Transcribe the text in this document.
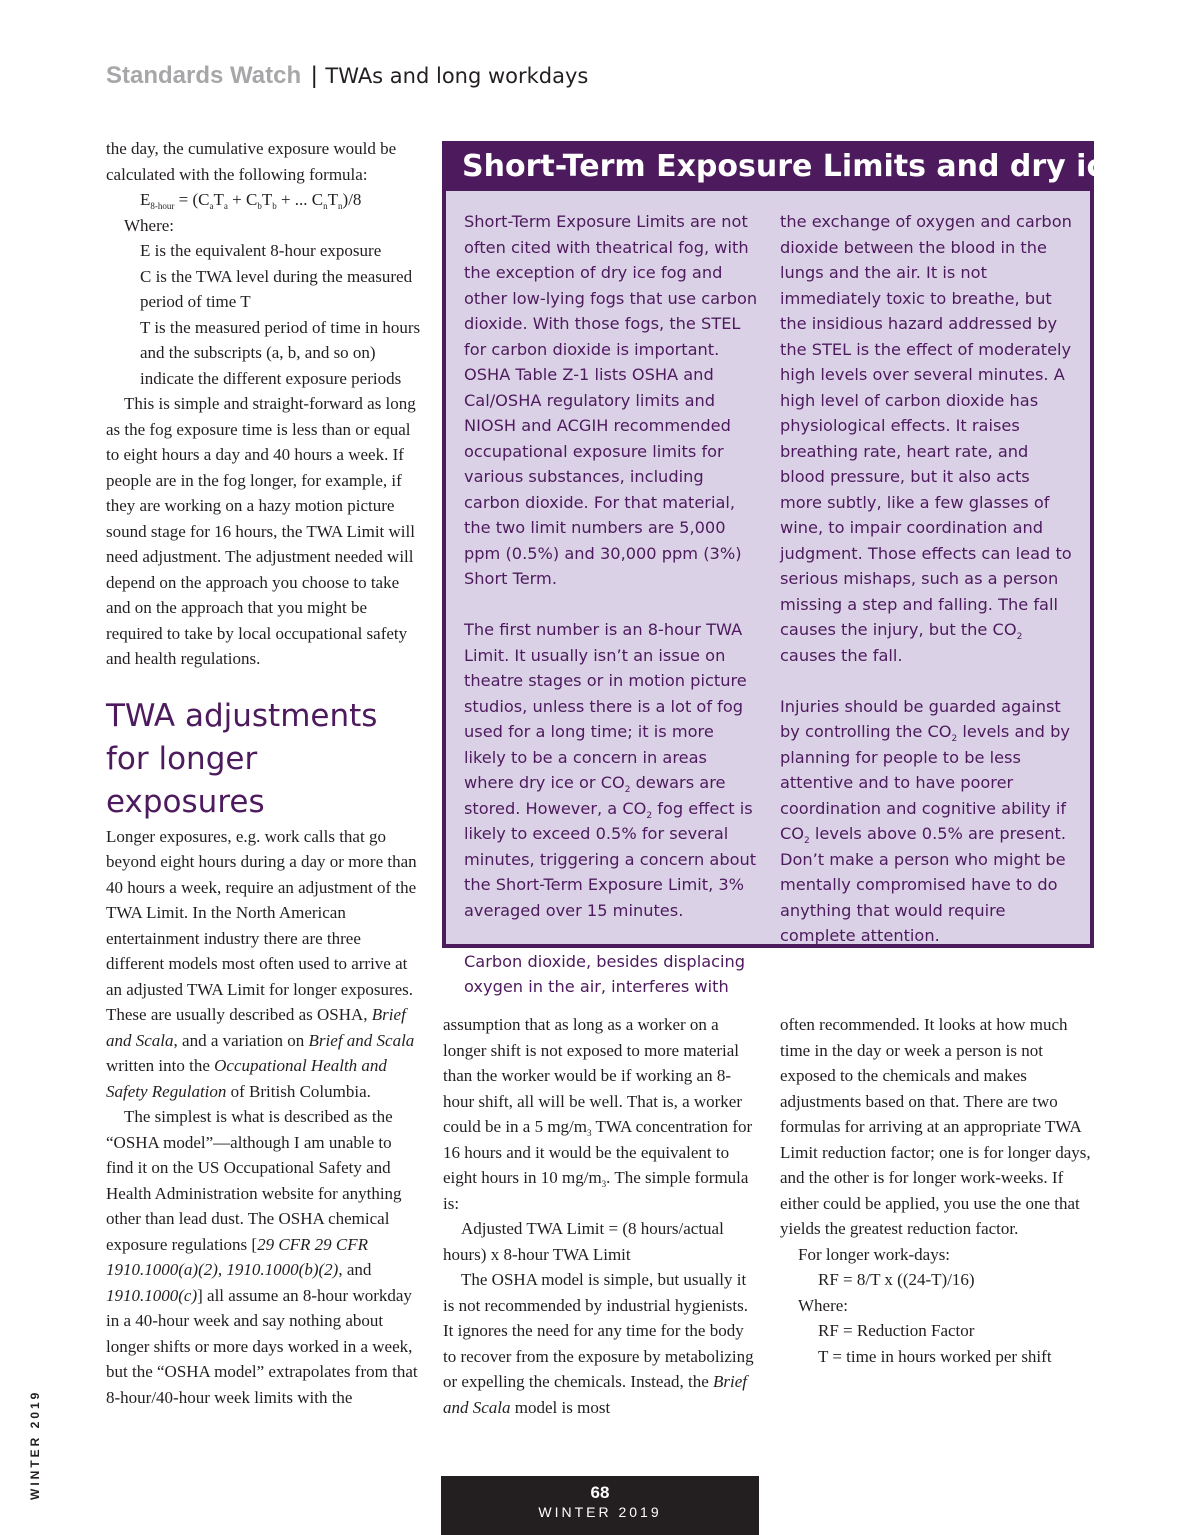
Standards Watch | TWAs and long workdays

the day, the cumulative exposure would be calculated with the following formula:

$E_{8-hour} = (C_aT_a + C_bT_b$ + ... $C_nT_n)/8$

Where:

E is the equivalent 8-hour exposure

C is the TWA level during the measured period of time T

T is the measured period of time in hours and the subscripts (a, b, and so on) indicate the different exposure periods

This is simple and straight-forward as long as the fog exposure time is less than or equal to eight hours a day and 40 hours a week. If people are in the fog longer, for example, if they are working on a hazy motion picture sound stage for 16 hours, the TWA Limit will need adjustment. The adjustment needed will depend on the approach you choose to take and on the approach that you might be required to take by local occupational safety and health regulations.

TWA adjustments
for longer exposures

Longer exposures, e.g. work calls that go beyond eight hours during a day or more than 40 hours a week, require an adjustment of the TWA Limit. In the North American entertainment industry there are three different models most often used to arrive at an adjusted TWA Limit for longer exposures. These are usually described as OSHA, Brief and Scala, and a variation on Brief and Scala written into the Occupational Health and Safety Regulation of British Columbia.

The simplest is what is described as the “OSHA model”—although I am unable to find it on the US Occupational Safety and Health Administration website for anything other than lead dust. The OSHA chemical exposure regulations [29 CFR 29 CFR 1910.1000(a)(2), 1910.1000(b)(2), and 1910.1000(c)] all assume an 8-hour workday in a 40-hour week and say nothing about longer shifts or more days worked in a week, but the “OSHA model” extrapolates from that 8-hour/40-hour week limits with the

Short-Term Exposure Limits and dry ice fog

Short-Term Exposure Limits are not often cited with theatrical fog, with the exception of dry ice fog and other low-lying fogs that use carbon dioxide. With those fogs, the STEL for carbon dioxide is important. OSHA Table Z-1 lists OSHA and Cal/OSHA regulatory limits and NIOSH and ACGIH recommended occupational exposure limits for various substances, including carbon dioxide. For that material, the two limit numbers are 5,000 ppm (0.5%) and 30,000 ppm (3%) Short Term.

The first number is an 8-hour TWA Limit. It usually isn’t an issue on theatre stages or in motion picture studios, unless there is a lot of fog used for a long time; it is more likely to be a concern in areas where dry ice or $CO_2$ dewars are stored. However, a $CO_2$ fog effect is likely to exceed 0.5% for several minutes, triggering a concern about the Short-Term Exposure Limit, 3% averaged over 15 minutes.

Carbon dioxide, besides displacing oxygen in the air, interferes with

the exchange of oxygen and carbon dioxide between the blood in the lungs and the air. It is not immediately toxic to breathe, but the insidious hazard addressed by the STEL is the effect of moderately high levels over several minutes. A high level of carbon dioxide has physiological effects. It raises breathing rate, heart rate, and blood pressure, but it also acts more subtly, like a few glasses of wine, to impair coordination and judgment. Those effects can lead to serious mishaps, such as a person missing a step and falling. The fall causes the injury, but the $CO_2$ causes the fall.

Injuries should be guarded against by controlling the $CO_2$ levels and by planning for people to be less attentive and to have poorer coordination and cognitive ability if $CO_2$ levels above 0.5% are present. Don’t make a person who might be mentally compromised have to do anything that would require complete attention.

assumption that as long as a worker on a longer shift is not exposed to more material than the worker would be if working an 8-hour shift, all will be well. That is, a worker could be in a 5 $mg/m_3$ TWA concentration for 16 hours and it would be the equivalent to eight hours in 10 $mg/m_3$. The simple formula is:

Adjusted TWA Limit = (8 hours/actual hours) x 8-hour TWA Limit

The OSHA model is simple, but usually it is not recommended by industrial hygienists. It ignores the need for any time for the body to recover from the exposure by metabolizing or expelling the chemicals. Instead, the Brief and Scala model is most

often recommended. It looks at how much time in the day or week a person is not exposed to the chemicals and makes adjustments based on that. There are two formulas for arriving at an appropriate TWA Limit reduction factor; one is for longer days, and the other is for longer work-weeks. If either could be applied, you use the one that yields the greatest reduction factor.

For longer work-days:

RF = 8/T x ((24-T)/16)

Where:

RF = Reduction Factor

T = time in hours worked per shift

WINTER 2019	68
WINTER 2019
